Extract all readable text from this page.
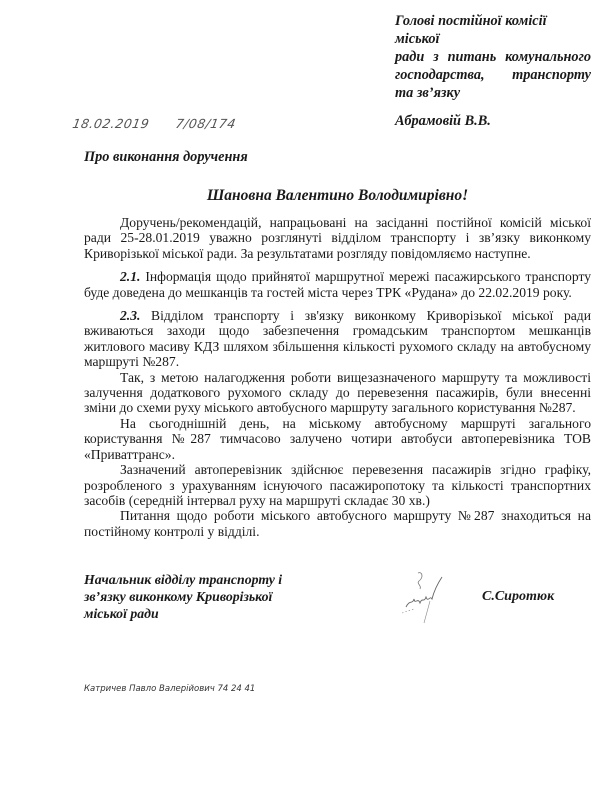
Голові постійної комісії міської
ради з питань комунального
господарства, транспорту
та зв’язку
Абрамовій В.В.
18.02.2019 7/08/174
Про виконання доручення
Шановна Валентино Володимирівно!

Доручень/рекомендацій, напрацьовані на засіданні постійної комісій міської ради 25-28.01.2019 уважно розглянуті відділом транспорту і зв’язку виконкому Криворізької міської ради. За результатами розгляду повідомляємо наступне.

2.1. Інформація щодо прийнятої маршрутної мережі пасажирського транспорту буде доведена до мешканців та гостей міста через ТРК «Рудана» до 22.02.2019 року.

2.3. Відділом транспорту і зв'язку виконкому Криворізької міської ради вживаються заходи щодо забезпечення громадським транспортом мешканців житлового масиву КДЗ шляхом збільшення кількості рухомого складу на автобусному маршруті №287.

Так, з метою налагодження роботи вищезазначеного маршруту та можливості залучення додаткового рухомого складу до перевезення пасажирів, були внесенні зміни до схеми руху міського автобусного маршруту загального користування №287.

На сьогоднішній день, на міському автобусному маршруті загального користування №287 тимчасово залучено чотири автобуси автоперевізника ТОВ «Приваттранс».

Зазначений автоперевізник здійснює перевезення пасажирів згідно графіку, розробленого з урахуванням існуючого пасажиропотоку та кількості транспортних засобів (середній інтервал руху на маршруті складає 30 хв.)

Питання щодо роботи міського автобусного маршруту №287 знаходиться на постійному контролі у відділі.

Начальник відділу транспорту і
зв’язку виконкому Криворізької
міської ради
С.Сиротюк
Катричев Павло Валерійович 74 24 41
